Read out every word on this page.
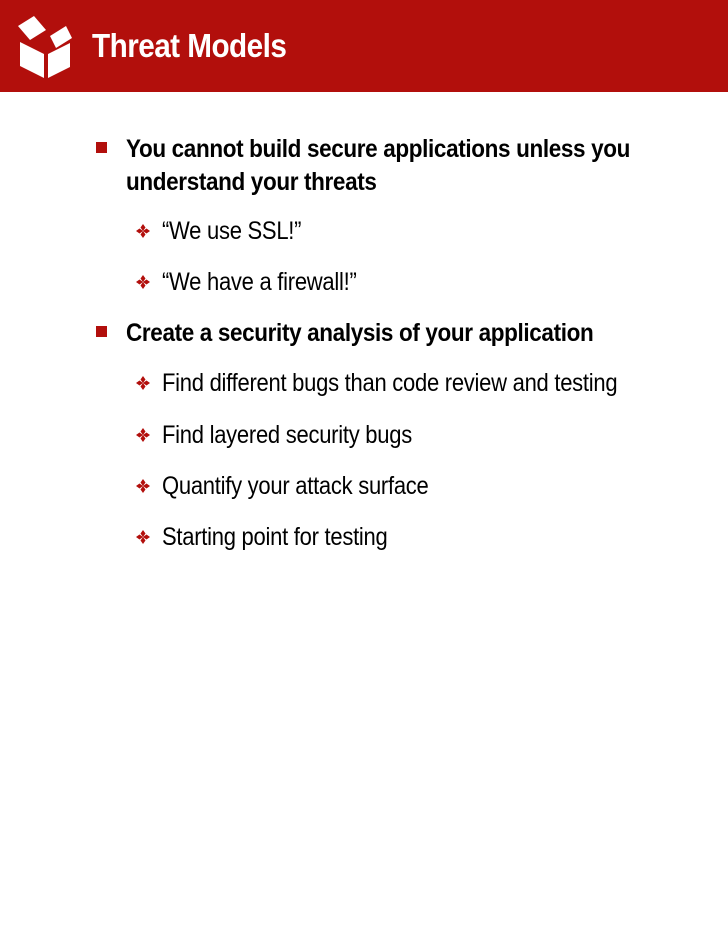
Threat Models
You cannot build secure applications unless you
understand your threats
“We use SSL!”
“We have a firewall!”
Create a security analysis of your application
Find different bugs than code review and testing
Find layered security bugs
Quantify your attack surface
Starting point for testing
